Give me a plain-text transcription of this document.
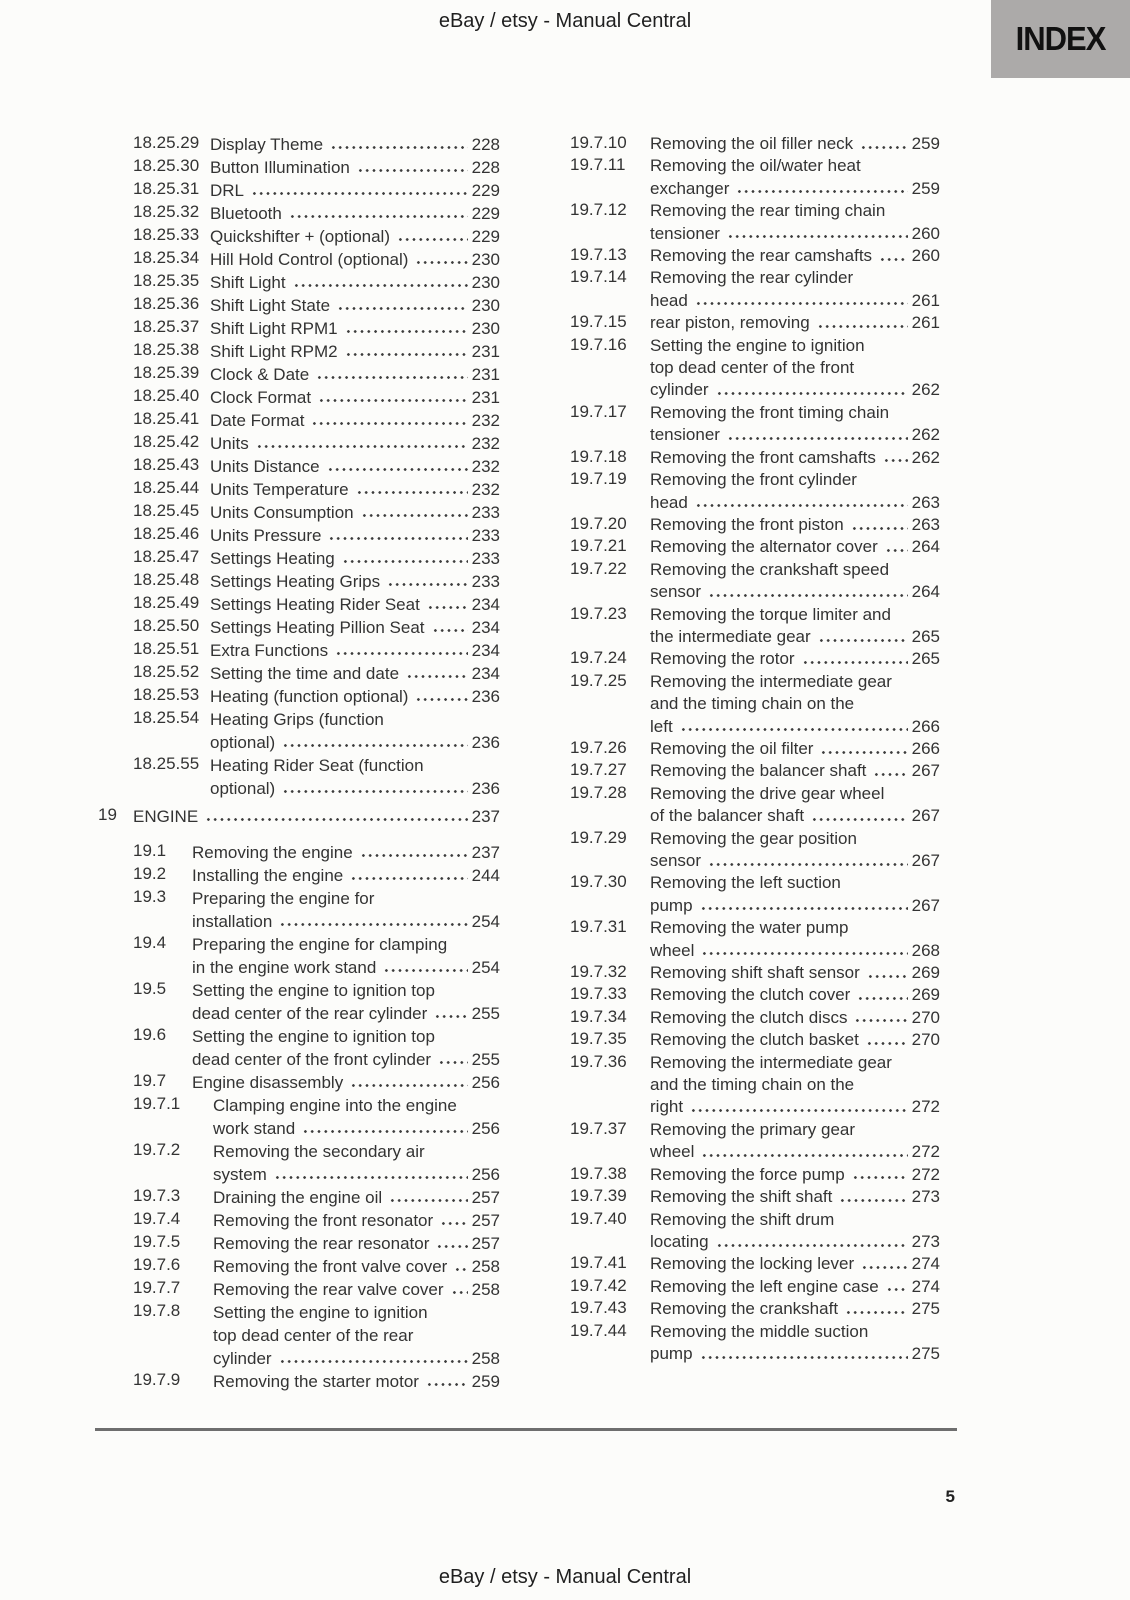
eBay / etsy - Manual Central	INDEX
18.25.29 Display Theme	228
18.25.30 Button Illumination	228
18.25.31 DRL	229
18.25.32 Bluetooth	229
18.25.33 Quickshifter + (optional)	229
18.25.34 Hill Hold Control (optional)	230
18.25.35 Shift Light	230
18.25.36 Shift Light State	230
18.25.37 Shift Light RPM1	230
18.25.38 Shift Light RPM2	231
18.25.39 Clock & Date	231
18.25.40 Clock Format	231
18.25.41 Date Format	232
18.25.42 Units	232
18.25.43 Units Distance	232
18.25.44 Units Temperature	232
18.25.45 Units Consumption	233
18.25.46 Units Pressure	233
18.25.47 Settings Heating	233
18.25.48 Settings Heating Grips	233
18.25.49 Settings Heating Rider Seat	234
18.25.50 Settings Heating Pillion Seat	234
18.25.51 Extra Functions	234
18.25.52 Setting the time and date	234
18.25.53 Heating (function optional)	236
18.25.54 Heating Grips (function
optional)	236
18.25.55 Heating Rider Seat (function
optional)	236
19 ENGINE	237
19.1 Removing the engine	237
19.2 Installing the engine	244
19.3 Preparing the engine for
installation	254
19.4 Preparing the engine for clamping
in the engine work stand	254
19.5 Setting the engine to ignition top
dead center of the rear cylinder	255
19.6 Setting the engine to ignition top
dead center of the front cylinder 255
19.7 Engine disassembly	256
19.7.1 Clamping engine into the engine
work stand	256
19.7.2 Removing the secondary air
system	256
19.7.3 Draining the engine oil	257
19.7.4 Removing the front resonator 257
19.7.5 Removing the rear resonator 257
19.7.6 Removing the front valve cover 258
19.7.7 Removing the rear valve cover 258
19.7.8 Setting the engine to ignition
top dead center of the rear
cylinder	258
19.7.9 Removing the starter motor	259
19.7.10 Removing the oil filler neck	259
19.7.11 Removing the oil/water heat
exchanger	259
19.7.12 Removing the rear timing chain
tensioner	260
19.7.13 Removing the rear camshafts 260
19.7.14 Removing the rear cylinder
head	261
19.7.15 rear piston, removing	261
19.7.16 Setting the engine to ignition
top dead center of the front
cylinder	262
19.7.17 Removing the front timing chain
tensioner	262
19.7.18 Removing the front camshafts 262
19.7.19 Removing the front cylinder
head	263
19.7.20 Removing the front piston	263
19.7.21 Removing the alternator cover 264
19.7.22 Removing the crankshaft speed
sensor	264
19.7.23 Removing the torque limiter and
the intermediate gear	265
19.7.24 Removing the rotor	265
19.7.25 Removing the intermediate gear
and the timing chain on the
left	266
19.7.26 Removing the oil filter	266
19.7.27 Removing the balancer shaft	267
19.7.28 Removing the drive gear wheel
of the balancer shaft	267
19.7.29 Removing the gear position
sensor	267
19.7.30 Removing the left suction
pump	267
19.7.31 Removing the water pump
wheel	268
19.7.32 Removing shift shaft sensor	269
19.7.33 Removing the clutch cover	269
19.7.34 Removing the clutch discs	270
19.7.35 Removing the clutch basket	270
19.7.36 Removing the intermediate gear
and the timing chain on the
right	272
19.7.37 Removing the primary gear
wheel	272
19.7.38 Removing the force pump	272
19.7.39 Removing the shift shaft	273
19.7.40 Removing the shift drum
locating	273
19.7.41 Removing the locking lever	274
19.7.42 Removing the left engine case 274
19.7.43 Removing the crankshaft	275
19.7.44 Removing the middle suction
pump	275
5
eBay / etsy - Manual Central
